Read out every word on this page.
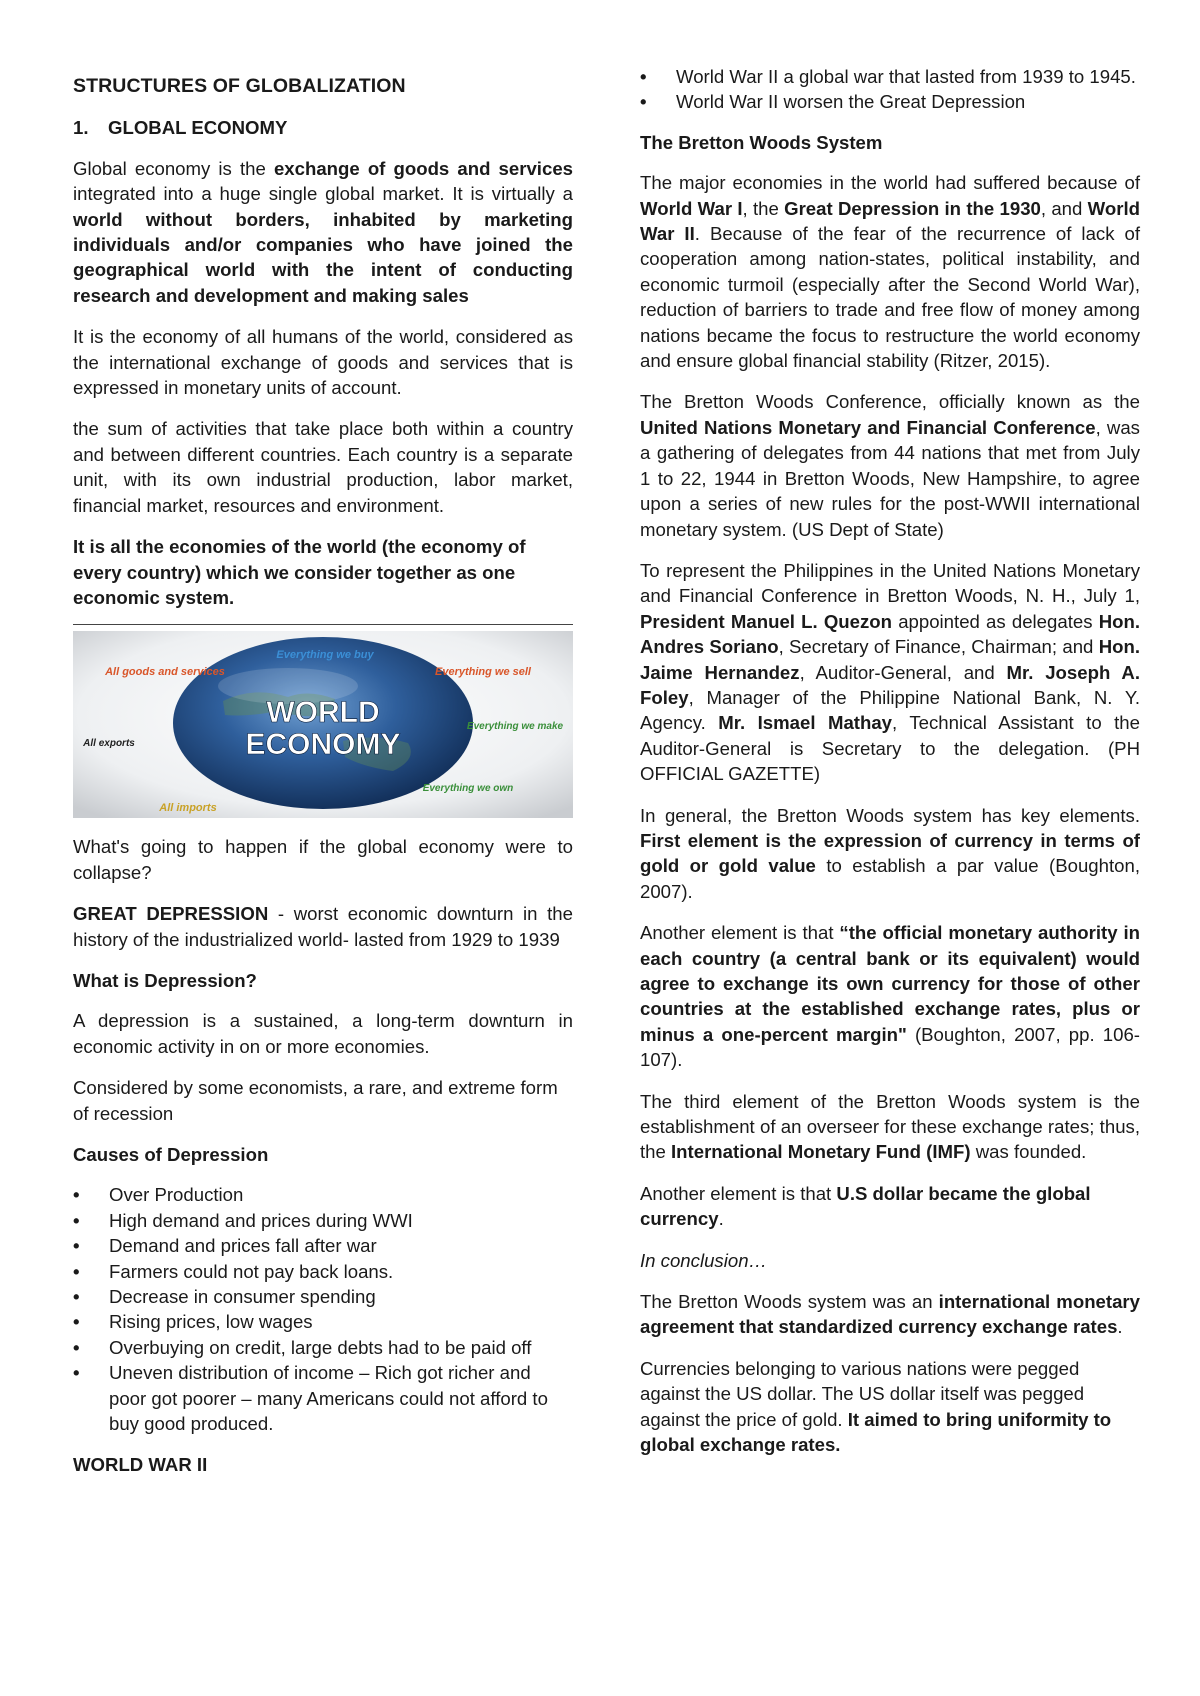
STRUCTURES OF GLOBALIZATION
1. GLOBAL ECONOMY

Global economy is the exchange of goods and services integrated into a huge single global market. It is virtually a world without borders, inhabited by marketing individuals and/or companies who have joined the geographical world with the intent of conducting research and development and making sales

It is the economy of all humans of the world, considered as the international exchange of goods and services that is expressed in monetary units of account.

the sum of activities that take place both within a country and between different countries. Each country is a separate unit, with its own industrial production, labor market, financial market, resources and environment.

It is all the economies of the world (the economy of every country) which we consider together as one economic system.

WORLD
ECONOMY
Everything we buy
All goods and services
All exports
Everything we sell
Everything we make
Everything we own
All imports

What's going to happen if the global economy were to collapse?

GREAT DEPRESSION - worst economic downturn in the history of the industrialized world- lasted from 1929 to 1939

What is Depression?

A depression is a sustained, a long-term downturn in economic activity in on or more economies.

Considered by some economists, a rare, and extreme form of recession

Causes of Depression
• Over Production
• High demand and prices during WWI
• Demand and prices fall after war
• Farmers could not pay back loans.
• Decrease in consumer spending
• Rising prices, low wages
• Overbuying on credit, large debts had to be paid off
• Uneven distribution of income – Rich got richer and poor got poorer – many Americans could not afford to buy good produced.
WORLD WAR II
• World War II a global war that lasted from 1939 to 1945.
• World War II worsen the Great Depression
The Bretton Woods System

The major economies in the world had suffered because of World War I, the Great Depression in the 1930, and World War II. Because of the fear of the recurrence of lack of cooperation among nation-states, political instability, and economic turmoil (especially after the Second World War), reduction of barriers to trade and free flow of money among nations became the focus to restructure the world economy and ensure global financial stability (Ritzer, 2015).

The Bretton Woods Conference, officially known as the United Nations Monetary and Financial Conference, was a gathering of delegates from 44 nations that met from July 1 to 22, 1944 in Bretton Woods, New Hampshire, to agree upon a series of new rules for the post-WWII international monetary system. (US Dept of State)

To represent the Philippines in the United Nations Monetary and Financial Conference in Bretton Woods, N. H., July 1, President Manuel L. Quezon appointed as delegates Hon. Andres Soriano, Secretary of Finance, Chairman; and Hon. Jaime Hernandez, Auditor-General, and Mr. Joseph A. Foley, Manager of the Philippine National Bank, N. Y. Agency. Mr. Ismael Mathay, Technical Assistant to the Auditor-General is Secretary to the delegation. (PH OFFICIAL GAZETTE)

In general, the Bretton Woods system has key elements. First element is the expression of currency in terms of gold or gold value to establish a par value (Boughton, 2007).

Another element is that “the official monetary authority in each country (a central bank or its equivalent) would agree to exchange its own currency for those of other countries at the established exchange rates, plus or minus a one-percent margin" (Boughton, 2007, pp. 106-107).

The third element of the Bretton Woods system is the establishment of an overseer for these exchange rates; thus, the International Monetary Fund (IMF) was founded.

Another element is that U.S dollar became the global currency.

In conclusion…

The Bretton Woods system was an international monetary agreement that standardized currency exchange rates.

Currencies belonging to various nations were pegged against the US dollar. The US dollar itself was pegged against the price of gold. It aimed to bring uniformity to global exchange rates.
